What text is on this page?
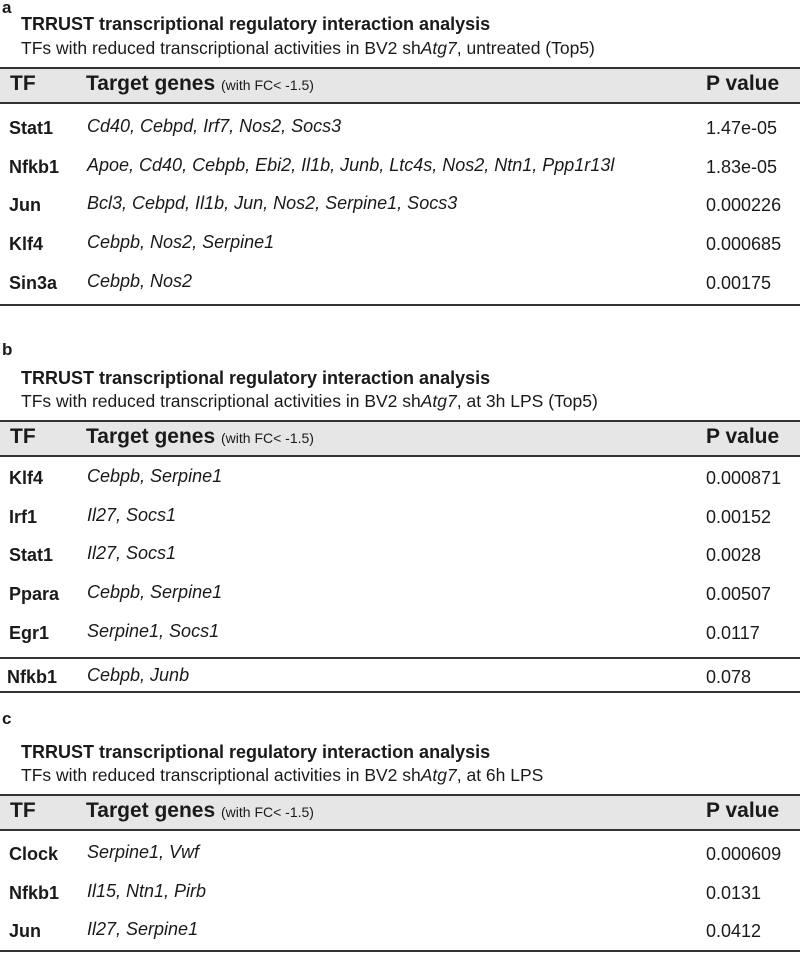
a
TRRUST transcriptional regulatory interaction analysis
TFs with reduced transcriptional activities in BV2 shAtg7, untreated (Top5)
TF Target genes (with FC< -1.5)	P value
Stat1 Cd40, Cebpd, Irf7, Nos2, Socs3	1.47e-05
Nfkb1 Apoe, Cd40, Cebpb, Ebi2, Il1b, Junb, Ltc4s, Nos2, Ntn1, Ppp1r13l	1.83e-05
Jun	Bcl3, Cebpd, Il1b, Jun, Nos2, Serpine1, Socs3	0.000226
Klf4 Cebpb, Nos2, Serpine1	0.000685
Sin3a Cebpb, Nos2	0.00175
b
TRRUST transcriptional regulatory interaction analysis
TFs with reduced transcriptional activities in BV2 shAtg7, at 3h LPS (Top5)
TF Target genes (with FC< -1.5)	P value
Klf4 Cebpb, Serpine1	0.000871
Irf1	Il27, Socs1	0.00152
Stat1 Il27, Socs1	0.0028
Ppara Cebpb, Serpine1	0.00507
Egr1 Serpine1, Socs1	0.0117
Nfkb1 Cebpb, Junb	0.078
c
TRRUST transcriptional regulatory interaction analysis
TFs with reduced transcriptional activities in BV2 shAtg7, at 6h LPS
TF Target genes (with FC< -1.5)	P value
Clock Serpine1, Vwf	0.000609
Nfkb1 Il15, Ntn1, Pirb	0.0131
Jun	Il27, Serpine1	0.0412
